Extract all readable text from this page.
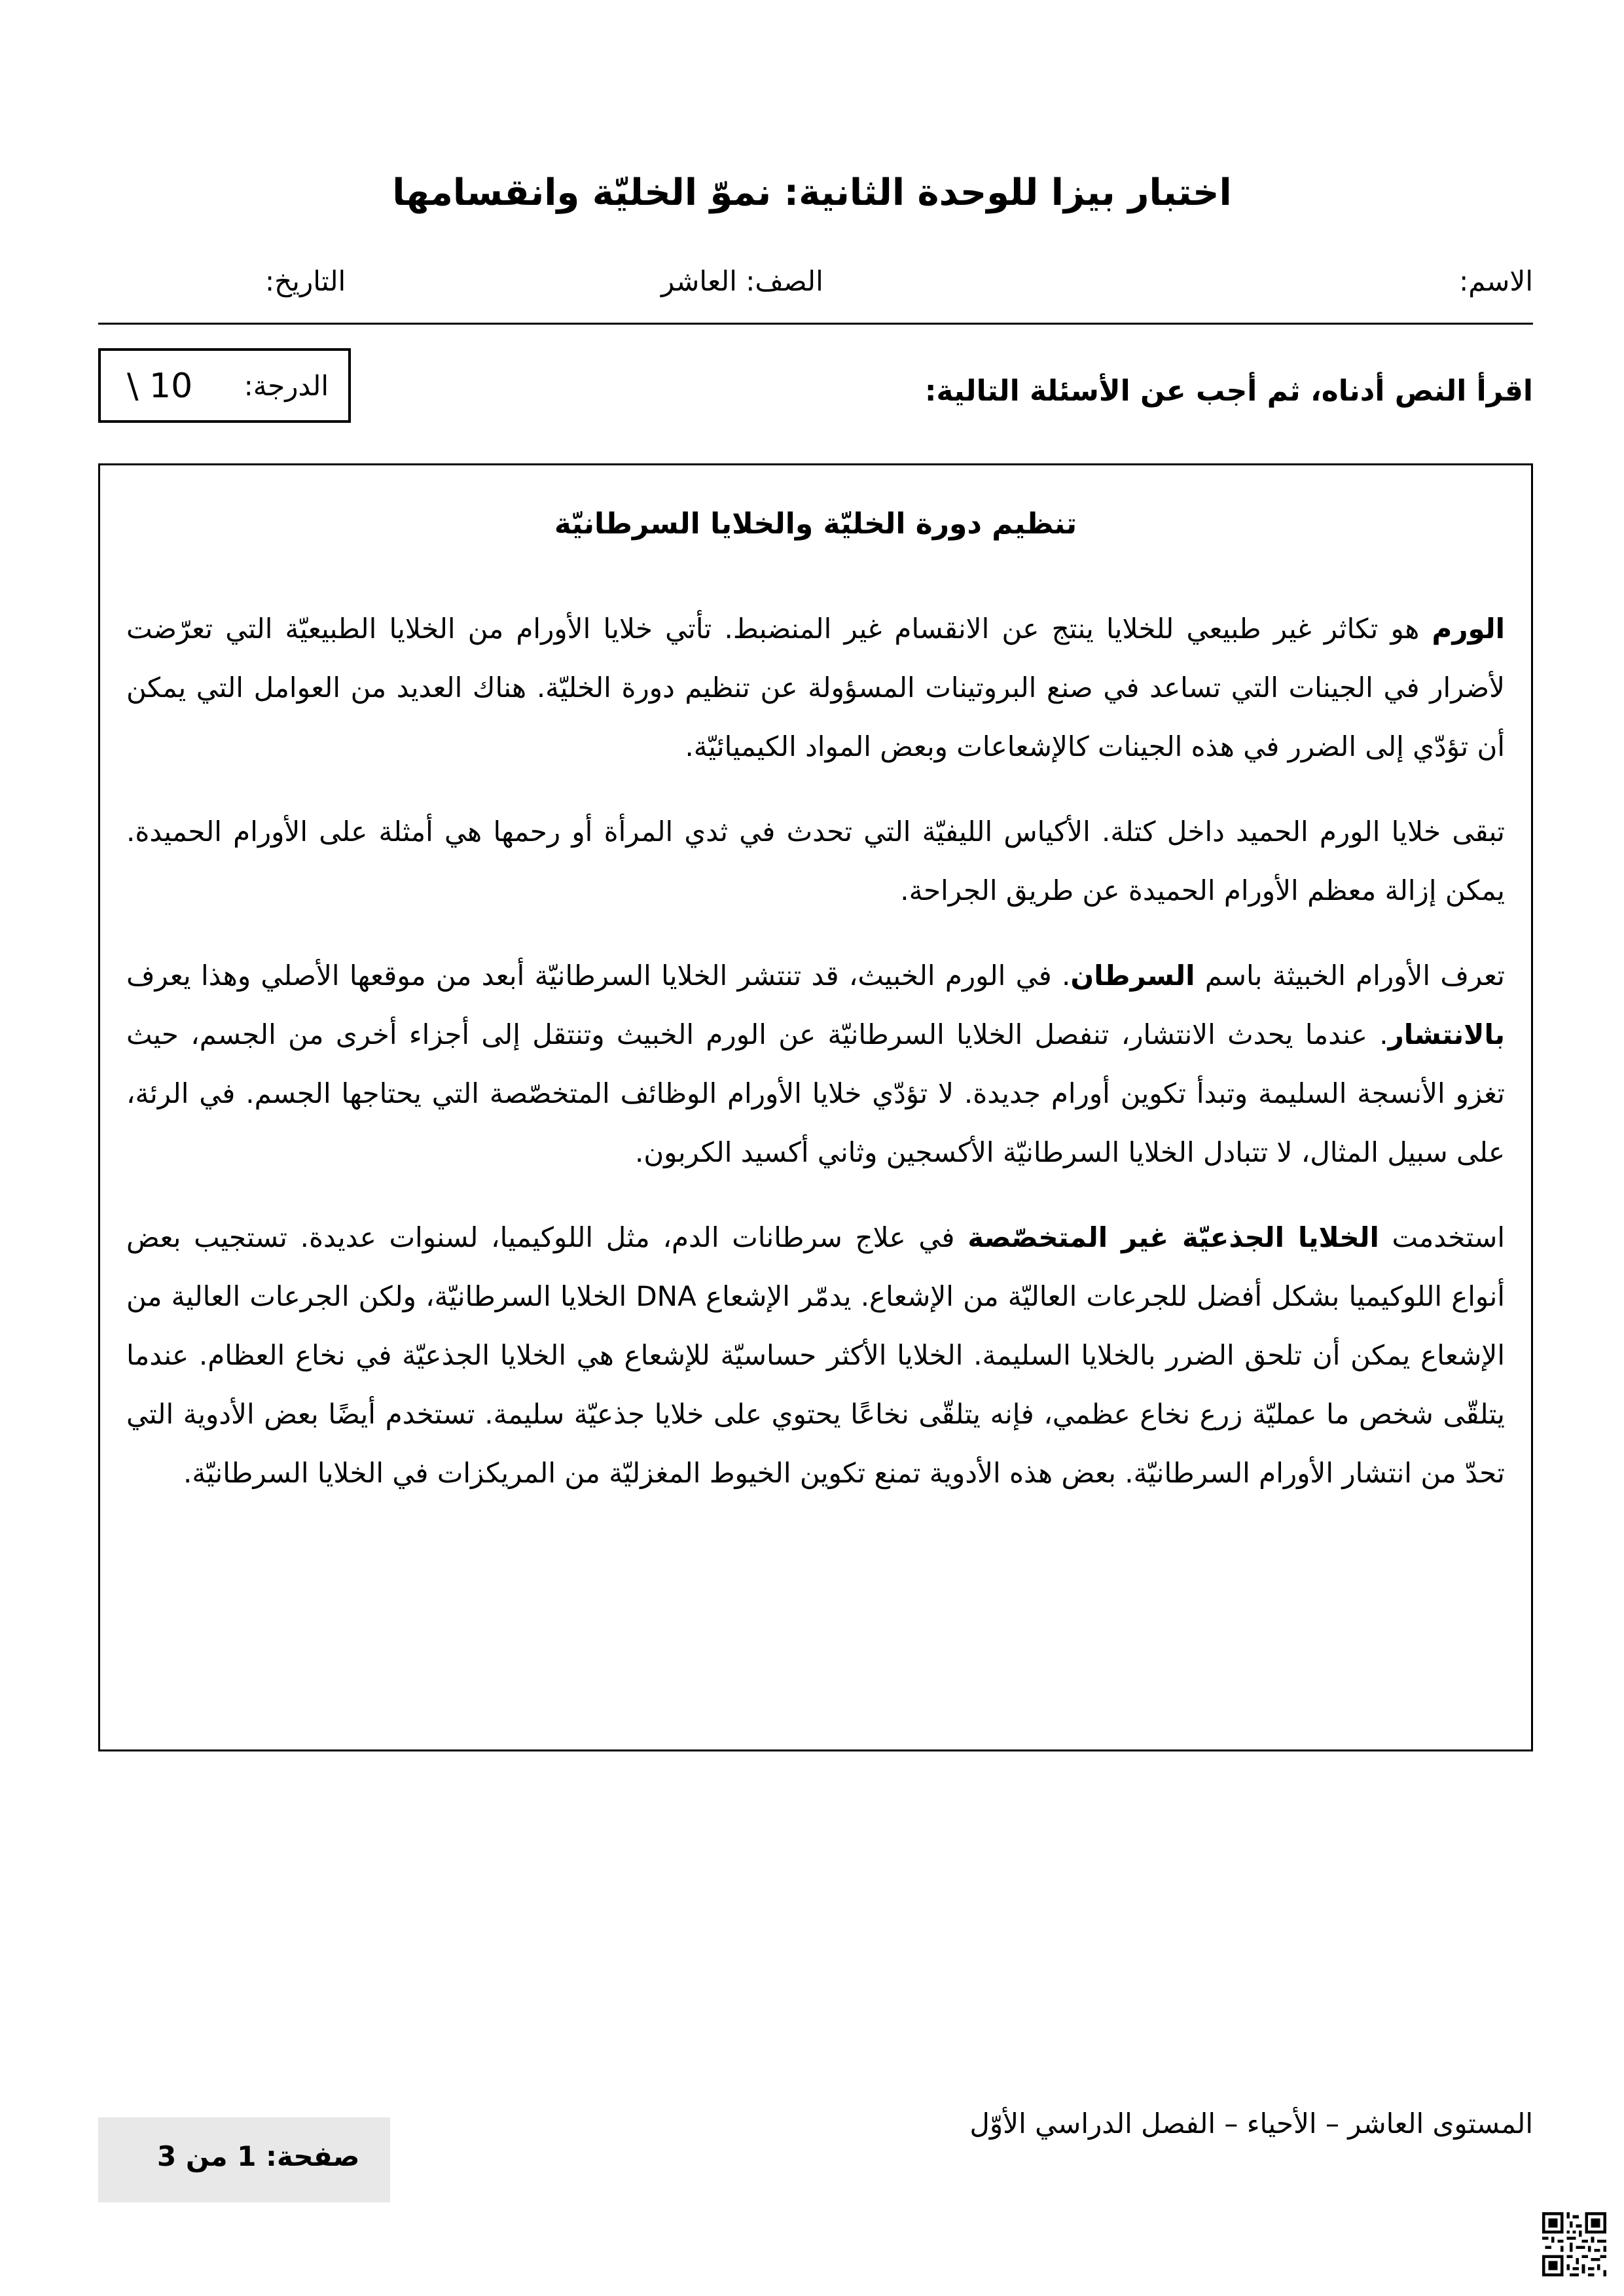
اختبار بيزا للوحدة الثانية: نموّ الخليّة وانقسامها
الاسم:
الصف: العاشر
التاريخ:
اقرأ النص أدناه، ثم أجب عن الأسئلة التالية:
الدرجة:
\ 10

تنظيم دورة الخليّة والخلايا السرطانيّة

الورم هو تكاثر غير طبيعي للخلايا ينتج عن الانقسام غير المنضبط. تأتي خلايا الأورام من الخلايا الطبيعيّة التي تعرّضت لأضرار في الجينات التي تساعد في صنع البروتينات المسؤولة عن تنظيم دورة الخليّة. هناك العديد من العوامل التي يمكن أن تؤدّي إلى الضرر في هذه الجينات كالإشعاعات وبعض المواد الكيميائيّة.

تبقى خلايا الورم الحميد داخل كتلة. الأكياس الليفيّة التي تحدث في ثدي المرأة أو رحمها هي أمثلة على الأورام الحميدة. يمكن إزالة معظم الأورام الحميدة عن طريق الجراحة.

تعرف الأورام الخبيثة باسم السرطان. في الورم الخبيث، قد تنتشر الخلايا السرطانيّة أبعد من موقعها الأصلي وهذا يعرف بالانتشار. عندما يحدث الانتشار، تنفصل الخلايا السرطانيّة عن الورم الخبيث وتنتقل إلى أجزاء أخرى من الجسم، حيث تغزو الأنسجة السليمة وتبدأ تكوين أورام جديدة. لا تؤدّي خلايا الأورام الوظائف المتخصّصة التي يحتاجها الجسم. في الرئة، على سبيل المثال، لا تتبادل الخلايا السرطانيّة الأكسجين وثاني أكسيد الكربون.

استخدمت الخلايا الجذعيّة غير المتخصّصة في علاج سرطانات الدم، مثل اللوكيميا، لسنوات عديدة. تستجيب بعض أنواع اللوكيميا بشكل أفضل للجرعات العاليّة من الإشعاع. يدمّر الإشعاع DNA الخلايا السرطانيّة، ولكن الجرعات العالية من الإشعاع يمكن أن تلحق الضرر بالخلايا السليمة. الخلايا الأكثر حساسيّة للإشعاع هي الخلايا الجذعيّة في نخاع العظام. عندما يتلقّى شخص ما عمليّة زرع نخاع عظمي، فإنه يتلقّى نخاعًا يحتوي على خلايا جذعيّة سليمة. تستخدم أيضًا بعض الأدوية التي تحدّ من انتشار الأورام السرطانيّة. بعض هذه الأدوية تمنع تكوين الخيوط المغزليّة من المريكزات في الخلايا السرطانيّة.

المستوى العاشر – الأحياء – الفصل الدراسي الأوّل
صفحة: 1 من 3
